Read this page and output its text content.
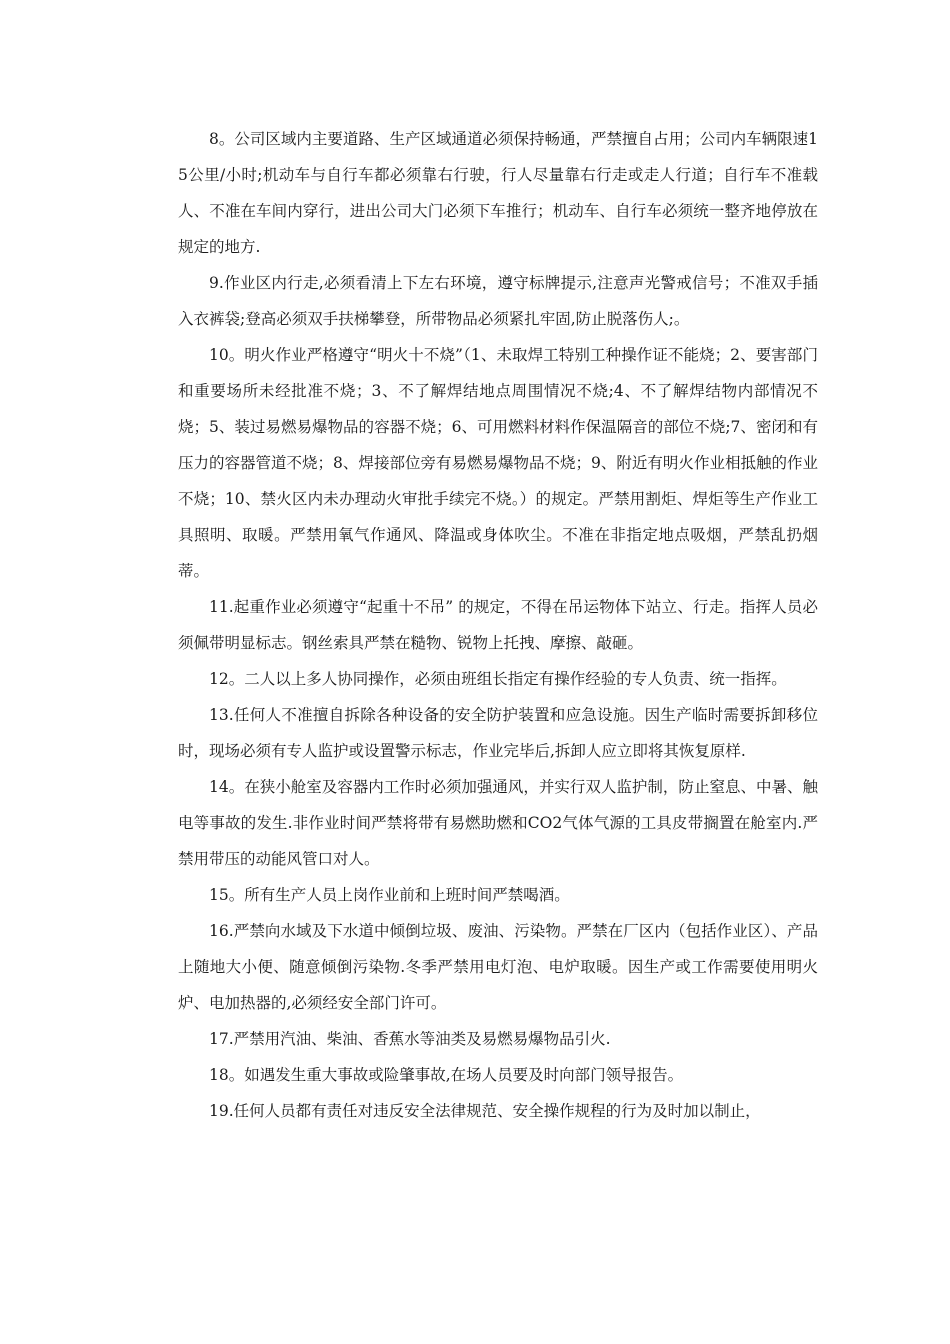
8。公司区域内主要道路、生产区域通道必须保持畅通，严禁擅自占用；公司内车辆限速15公里/小时;机动车与自行车都必须靠右行驶，行人尽量靠右行走或走人行道；自行车不准载人、不准在车间内穿行，进出公司大门必须下车推行；机动车、自行车必须统一整齐地停放在规定的地方.

9.作业区内行走,必须看清上下左右环境，遵守标牌提示,注意声光警戒信号；不准双手插入衣裤袋;登高必须双手扶梯攀登，所带物品必须紧扎牢固,防止脱落伤人;。

10。明火作业严格遵守“明火十不烧”（1、未取焊工特别工种操作证不能烧；2、要害部门和重要场所未经批准不烧；3、不了解焊结地点周围情况不烧;4、不了解焊结物内部情况不烧；5、装过易燃易爆物品的容器不烧；6、可用燃料材料作保温隔音的部位不烧;7、密闭和有压力的容器管道不烧；8、焊接部位旁有易燃易爆物品不烧；9、附近有明火作业相抵触的作业不烧；10、禁火区内未办理动火审批手续完不烧。）的规定。严禁用割炬、焊炬等生产作业工具照明、取暖。严禁用氧气作通风、降温或身体吹尘。不准在非指定地点吸烟，严禁乱扔烟蒂。

11.起重作业必须遵守“起重十不吊” 的规定，不得在吊运物体下站立、行走。指挥人员必须佩带明显标志。钢丝索具严禁在糙物、锐物上托拽、摩擦、敲砸。

12。二人以上多人协同操作，必须由班组长指定有操作经验的专人负责、统一指挥。

13.任何人不准擅自拆除各种设备的安全防护装置和应急设施。因生产临时需要拆卸移位时，现场必须有专人监护或设置警示标志，作业完毕后,拆卸人应立即将其恢复原样.

14。在狭小舱室及容器内工作时必须加强通风，并实行双人监护制，防止窒息、中暑、触电等事故的发生.非作业时间严禁将带有易燃助燃和CO2气体气源的工具皮带搁置在舱室内.严禁用带压的动能风管口对人。

15。所有生产人员上岗作业前和上班时间严禁喝酒。

16.严禁向水域及下水道中倾倒垃圾、废油、污染物。严禁在厂区内（包括作业区）、产品上随地大小便、随意倾倒污染物.冬季严禁用电灯泡、电炉取暖。因生产或工作需要使用明火炉、电加热器的,必须经安全部门许可。

17.严禁用汽油、柴油、香蕉水等油类及易燃易爆物品引火.

18。如遇发生重大事故或险肇事故,在场人员要及时向部门领导报告。

19.任何人员都有责任对违反安全法律规范、安全操作规程的行为及时加以制止，
